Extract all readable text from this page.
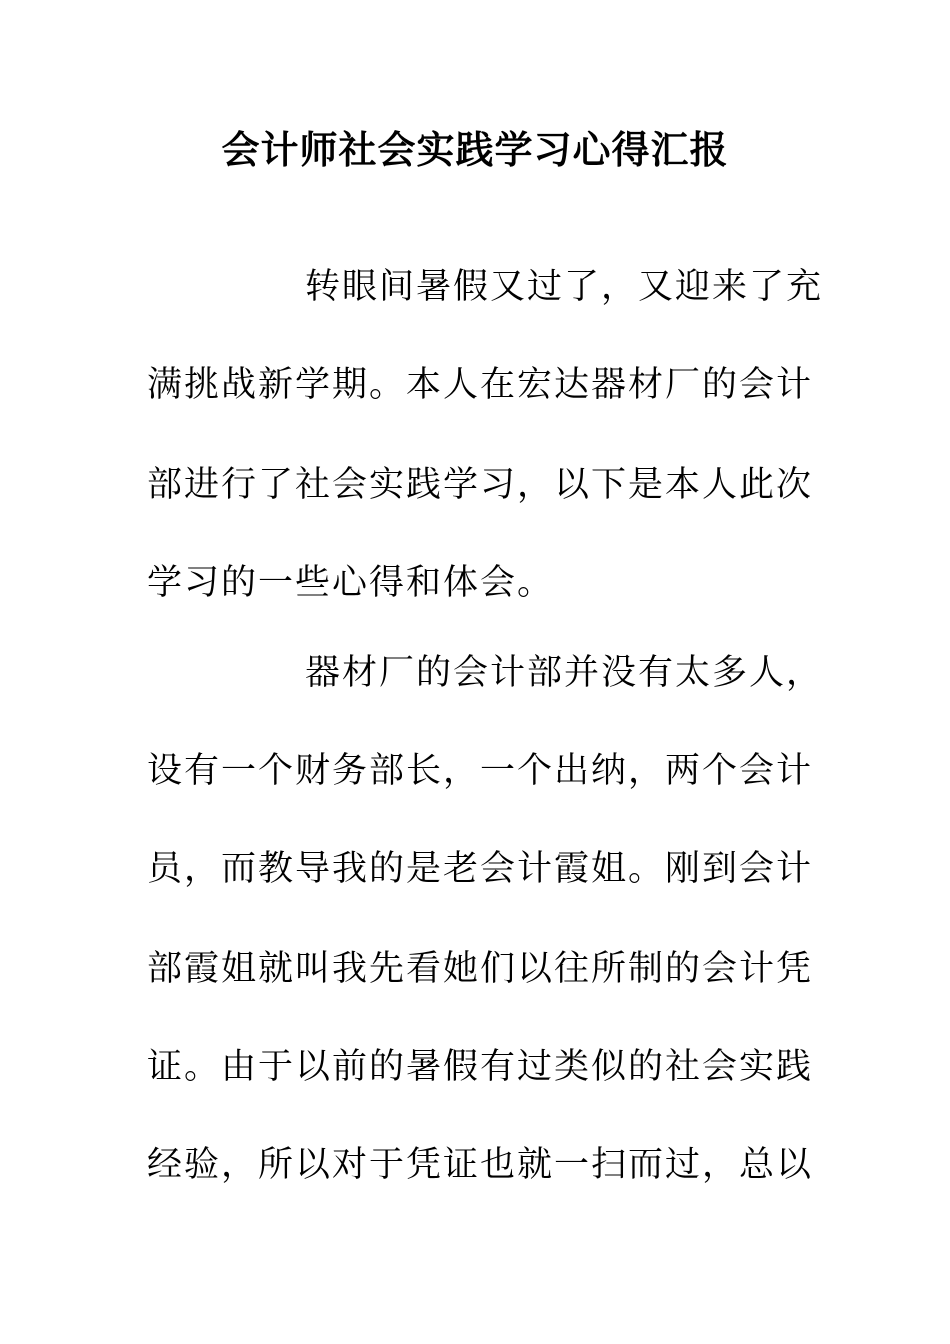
会计师社会实践学习心得汇报
转眼间暑假又过了，又迎来了充
满挑战新学期。本人在宏达器材厂的会计
部进行了社会实践学习，以下是本人此次
学习的一些心得和体会。
器材厂的会计部并没有太多人，
设有一个财务部长，一个出纳，两个会计
员，而教导我的是老会计霞姐。刚到会计
部霞姐就叫我先看她们以往所制的会计凭
证。由于以前的暑假有过类似的社会实践
经验，所以对于凭证也就一扫而过，总以
